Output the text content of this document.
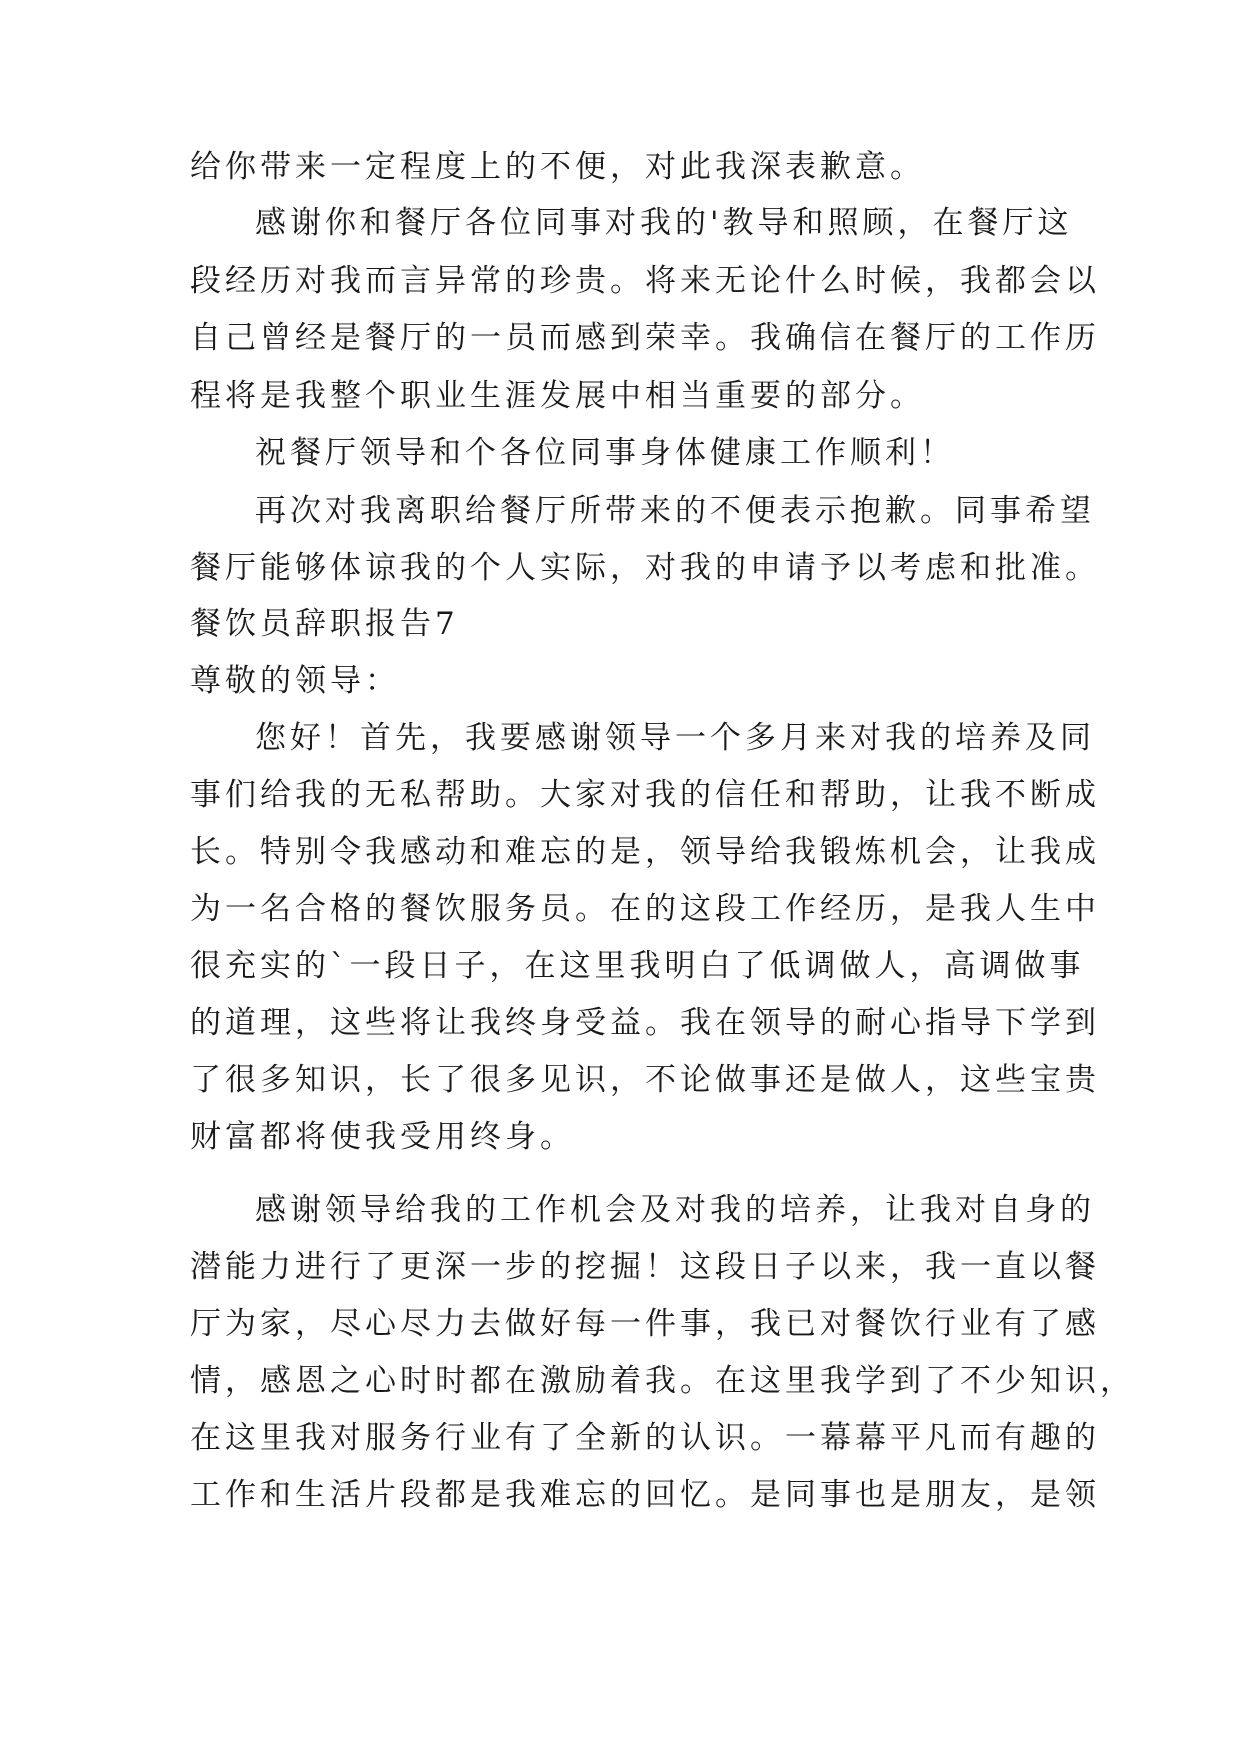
给你带来一定程度上的不便，对此我深表歉意。
感谢你和餐厅各位同事对我的'教导和照顾，在餐厅这
段经历对我而言异常的珍贵。将来无论什么时候，我都会以
自己曾经是餐厅的一员而感到荣幸。我确信在餐厅的工作历
程将是我整个职业生涯发展中相当重要的部分。
祝餐厅领导和个各位同事身体健康工作顺利！
再次对我离职给餐厅所带来的不便表示抱歉。同事希望
餐厅能够体谅我的个人实际，对我的申请予以考虑和批准。
餐饮员辞职报告7
尊敬的领导：
您好！首先，我要感谢领导一个多月来对我的培养及同
事们给我的无私帮助。大家对我的信任和帮助，让我不断成
长。特别令我感动和难忘的是，领导给我锻炼机会，让我成
为一名合格的餐饮服务员。在的这段工作经历，是我人生中
很充实的`一段日子，在这里我明白了低调做人，高调做事
的道理，这些将让我终身受益。我在领导的耐心指导下学到
了很多知识，长了很多见识，不论做事还是做人，这些宝贵
财富都将使我受用终身。
感谢领导给我的工作机会及对我的培养，让我对自身的
潜能力进行了更深一步的挖掘！这段日子以来，我一直以餐
厅为家，尽心尽力去做好每一件事，我已对餐饮行业有了感
情，感恩之心时时都在激励着我。在这里我学到了不少知识，
在这里我对服务行业有了全新的认识。一幕幕平凡而有趣的
工作和生活片段都是我难忘的回忆。是同事也是朋友，是领
